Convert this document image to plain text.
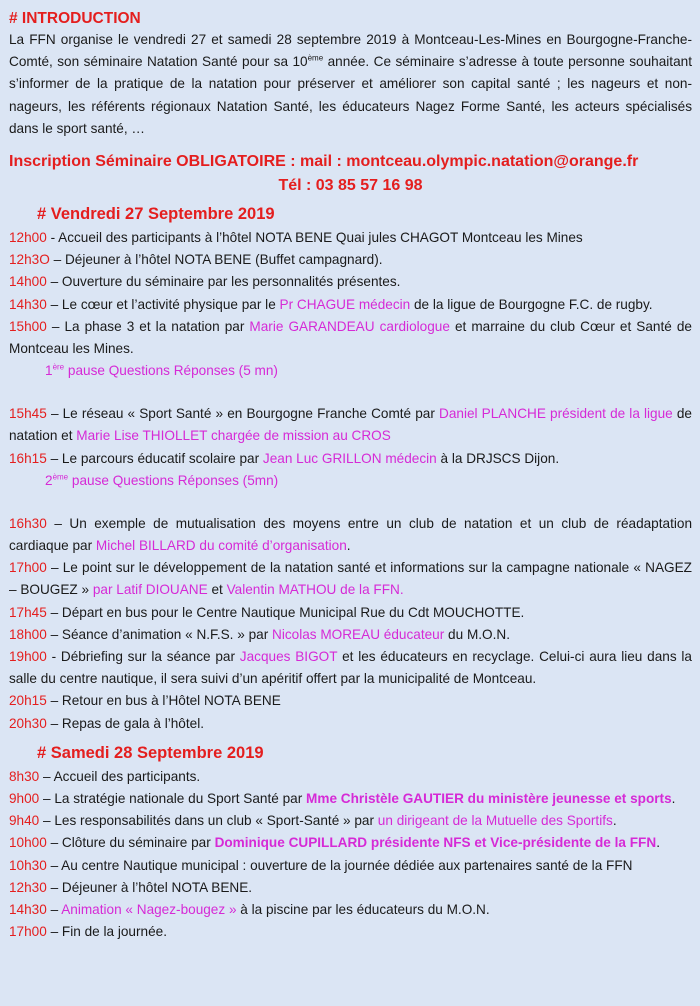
# INTRODUCTION

La FFN organise le vendredi 27 et samedi 28 septembre 2019 à Montceau-Les-Mines en Bourgogne-Franche-Comté, son séminaire Natation Santé pour sa 10ème année. Ce séminaire s’adresse à toute personne souhaitant s’informer de la pratique de la natation pour préserver et améliorer son capital santé ; les nageurs et non-nageurs, les référents régionaux Natation Santé, les éducateurs Nagez Forme Santé, les acteurs spécialisés dans le sport santé, …

Inscription Séminaire OBLIGATOIRE : mail : montceau.olympic.natation@orange.fr
Tél : 03 85 57 16 98
# Vendredi 27 Septembre 2019

12h00 - Accueil des participants à l’hôtel NOTA BENE Quai jules CHAGOT Montceau les Mines

12h3O – Déjeuner à l’hôtel NOTA BENE (Buffet campagnard).

14h00 – Ouverture du séminaire par les personnalités présentes.

14h30 – Le cœur et l’activité physique par le Pr CHAGUE médecin de la ligue de Bourgogne F.C. de rugby.

15h00 – La phase 3 et la natation par Marie GARANDEAU cardiologue et marraine du club Cœur et Santé de Montceau les Mines.

1ère pause Questions Réponses (5 mn)

15h45 – Le réseau « Sport Santé » en Bourgogne Franche Comté par Daniel PLANCHE président de la ligue de natation et Marie Lise THIOLLET chargée de mission au CROS

16h15 – Le parcours éducatif scolaire par Jean Luc GRILLON médecin à la DRJSCS Dijon.

2ème pause Questions Réponses (5mn)

16h30 – Un exemple de mutualisation des moyens entre un club de natation et un club de réadaptation cardiaque par Michel BILLARD du comité d’organisation.

17h00 – Le point sur le développement de la natation santé et informations sur la campagne nationale « NAGEZ – BOUGEZ » par Latif DIOUANE et Valentin MATHOU de la FFN.

17h45 – Départ en bus pour le Centre Nautique Municipal Rue du Cdt MOUCHOTTE.

18h00 – Séance d’animation « N.F.S. » par Nicolas MOREAU éducateur du M.O.N.

19h00 - Débriefing sur la séance par Jacques BIGOT et les éducateurs en recyclage. Celui-ci aura lieu dans la salle du centre nautique, il sera suivi d’un apéritif offert par la municipalité de Montceau.

20h15 – Retour en bus à l’Hôtel NOTA BENE

20h30 – Repas de gala à l’hôtel.

# Samedi 28 Septembre 2019

8h30 – Accueil des participants.

9h00 – La stratégie nationale du Sport Santé par Mme Christèle GAUTIER du ministère jeunesse et sports.

9h40 – Les responsabilités dans un club « Sport-Santé » par un dirigeant de la Mutuelle des Sportifs.

10h00 – Clôture du séminaire par Dominique CUPILLARD présidente NFS et Vice-présidente de la FFN.

10h30 – Au centre Nautique municipal : ouverture de la journée dédiée aux partenaires santé de la FFN

12h30 – Déjeuner à l’hôtel NOTA BENE.

14h30 – Animation « Nagez-bougez » à la piscine par les éducateurs du M.O.N.

17h00 – Fin de la journée.
